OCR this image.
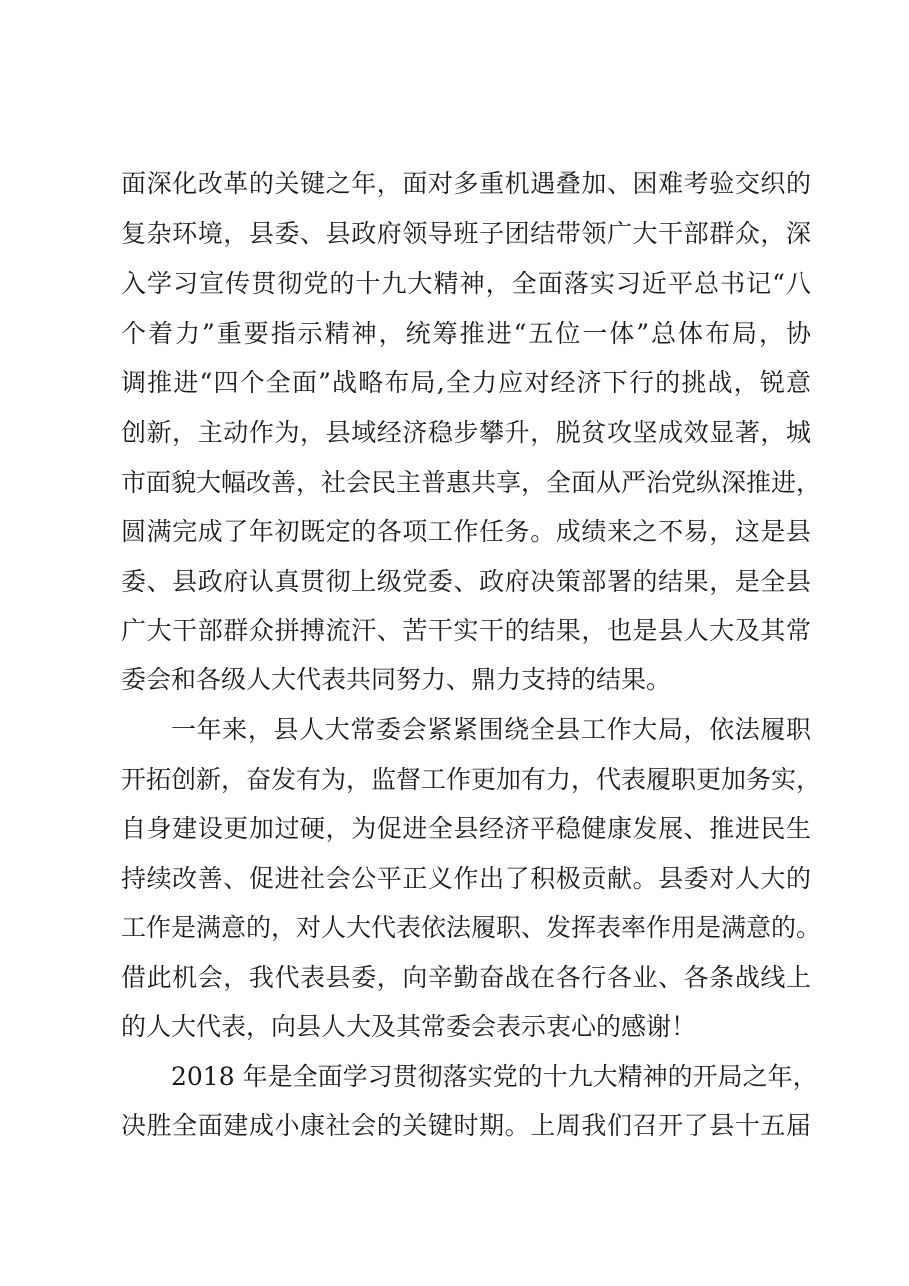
面深化改革的关键之年，面对多重机遇叠加、困难考验交织的
复杂环境，县委、县政府领导班子团结带领广大干部群众，深
入学习宣传贯彻党的十九大精神，全面落实习近平总书记“八
个着力”重要指示精神，统筹推进“五位一体”总体布局，协
调推进“四个全面”战略布局,全力应对经济下行的挑战，锐意
创新，主动作为，县域经济稳步攀升，脱贫攻坚成效显著，城
市面貌大幅改善，社会民主普惠共享，全面从严治党纵深推进，
圆满完成了年初既定的各项工作任务。成绩来之不易，这是县
委、县政府认真贯彻上级党委、政府决策部署的结果，是全县
广大干部群众拼搏流汗、苦干实干的结果，也是县人大及其常
委会和各级人大代表共同努力、鼎力支持的结果。
一年来，县人大常委会紧紧围绕全县工作大局，依法履职
开拓创新，奋发有为，监督工作更加有力，代表履职更加务实，
自身建设更加过硬，为促进全县经济平稳健康发展、推进民生
持续改善、促进社会公平正义作出了积极贡献。县委对人大的
工作是满意的，对人大代表依法履职、发挥表率作用是满意的。
借此机会，我代表县委，向辛勤奋战在各行各业、各条战线上
的人大代表，向县人大及其常委会表示衷心的感谢！
2018 年是全面学习贯彻落实党的十九大精神的开局之年，
决胜全面建成小康社会的关键时期。上周我们召开了县十五届
